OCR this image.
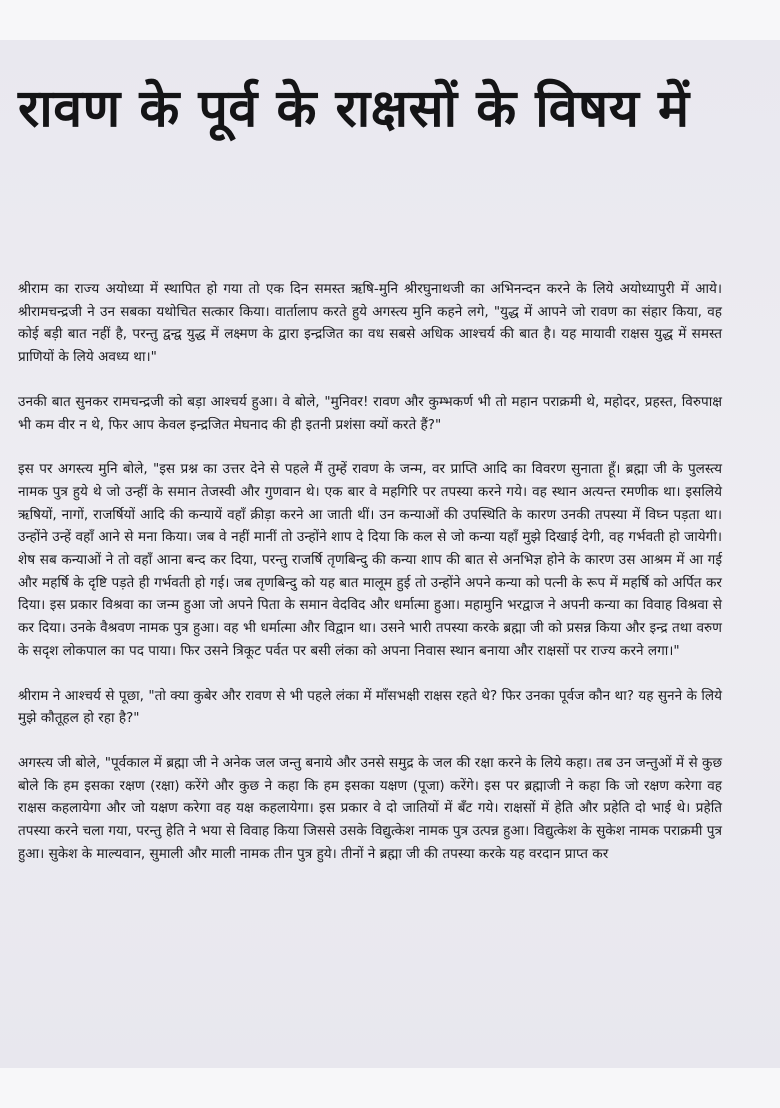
रावण के पूर्व के राक्षसों के विषय में

श्रीराम का राज्य अयोध्या में स्थापित हो गया तो एक दिन समस्त ऋषि-मुनि श्रीरघुनाथजी का अभिनन्दन करने के लिये अयोध्यापुरी में आये। श्रीरामचन्द्रजी ने उन सबका यथोचित सत्कार किया। वार्तालाप करते हुये अगस्त्य मुनि कहने लगे, "युद्ध में आपने जो रावण का संहार किया, वह कोई बड़ी बात नहीं है, परन्तु द्वन्द्व युद्ध में लक्ष्मण के द्वारा इन्द्रजित का वध सबसे अधिक आश्चर्य की बात है। यह मायावी राक्षस युद्ध में समस्त प्राणियों के लिये अवध्य था।"

उनकी बात सुनकर रामचन्द्रजी को बड़ा आश्चर्य हुआ। वे बोले, "मुनिवर! रावण और कुम्भकर्ण भी तो महान पराक्रमी थे, महोदर, प्रहस्त, विरुपाक्ष भी कम वीर न थे, फिर आप केवल इन्द्रजित मेघनाद की ही इतनी प्रशंसा क्यों करते हैं?"

इस पर अगस्त्य मुनि बोले, "इस प्रश्न का उत्तर देने से पहले मैं तुम्हें रावण के जन्म, वर प्राप्ति आदि का विवरण सुनाता हूँ। ब्रह्मा जी के पुलस्त्य नामक पुत्र हुये थे जो उन्हीं के समान तेजस्वी और गुणवान थे। एक बार वे महगिरि पर तपस्या करने गये। वह स्थान अत्यन्त रमणीक था। इसलिये ऋषियों, नागों, राजर्षियों आदि की कन्यायें वहाँ क्रीड़ा करने आ जाती थीं। उन कन्याओं की उपस्थिति के कारण उनकी तपस्या में विघ्न पड़ता था। उन्होंने उन्हें वहाँ आने से मना किया। जब वे नहीं मानीं तो उन्होंने शाप दे दिया कि कल से जो कन्या यहाँ मुझे दिखाई देगी, वह गर्भवती हो जायेगी। शेष सब कन्याओं ने तो वहाँ आना बन्द कर दिया, परन्तु राजर्षि तृणबिन्दु की कन्या शाप की बात से अनभिज्ञ होने के कारण उस आश्रम में आ गई और महर्षि के दृष्टि पड़ते ही गर्भवती हो गई। जब तृणबिन्दु को यह बात मालूम हुई तो उन्होंने अपने कन्या को पत्नी के रूप में महर्षि को अर्पित कर दिया। इस प्रकार विश्रवा का जन्म हुआ जो अपने पिता के समान वेदविद और धर्मात्मा हुआ। महामुनि भरद्वाज ने अपनी कन्या का विवाह विश्रवा से कर दिया। उनके वैश्रवण नामक पुत्र हुआ। वह भी धर्मात्मा और विद्वान था। उसने भारी तपस्या करके ब्रह्मा जी को प्रसन्न किया और इन्द्र तथा वरुण के सदृश लोकपाल का पद पाया। फिर उसने त्रिकूट पर्वत पर बसी लंका को अपना निवास स्थान बनाया और राक्षसों पर राज्य करने लगा।"

श्रीराम ने आश्चर्य से पूछा, "तो क्या कुबेर और रावण से भी पहले लंका में माँसभक्षी राक्षस रहते थे? फिर उनका पूर्वज कौन था? यह सुनने के लिये मुझे कौतूहल हो रहा है?"

अगस्त्य जी बोले, "पूर्वकाल में ब्रह्मा जी ने अनेक जल जन्तु बनाये और उनसे समुद्र के जल की रक्षा करने के लिये कहा। तब उन जन्तुओं में से कुछ बोले कि हम इसका रक्षण (रक्षा) करेंगे और कुछ ने कहा कि हम इसका यक्षण (पूजा) करेंगे। इस पर ब्रह्माजी ने कहा कि जो रक्षण करेगा वह राक्षस कहलायेगा और जो यक्षण करेगा वह यक्ष कहलायेगा। इस प्रकार वे दो जातियों में बँट गये। राक्षसों में हेति और प्रहेति दो भाई थे। प्रहेति तपस्या करने चला गया, परन्तु हेति ने भया से विवाह किया जिससे उसके विद्युत्केश नामक पुत्र उत्पन्न हुआ। विद्युत्केश के सुकेश नामक पराक्रमी पुत्र हुआ। सुकेश के माल्यवान, सुमाली और माली नामक तीन पुत्र हुये। तीनों ने ब्रह्मा जी की तपस्या करके यह वरदान प्राप्त कर
